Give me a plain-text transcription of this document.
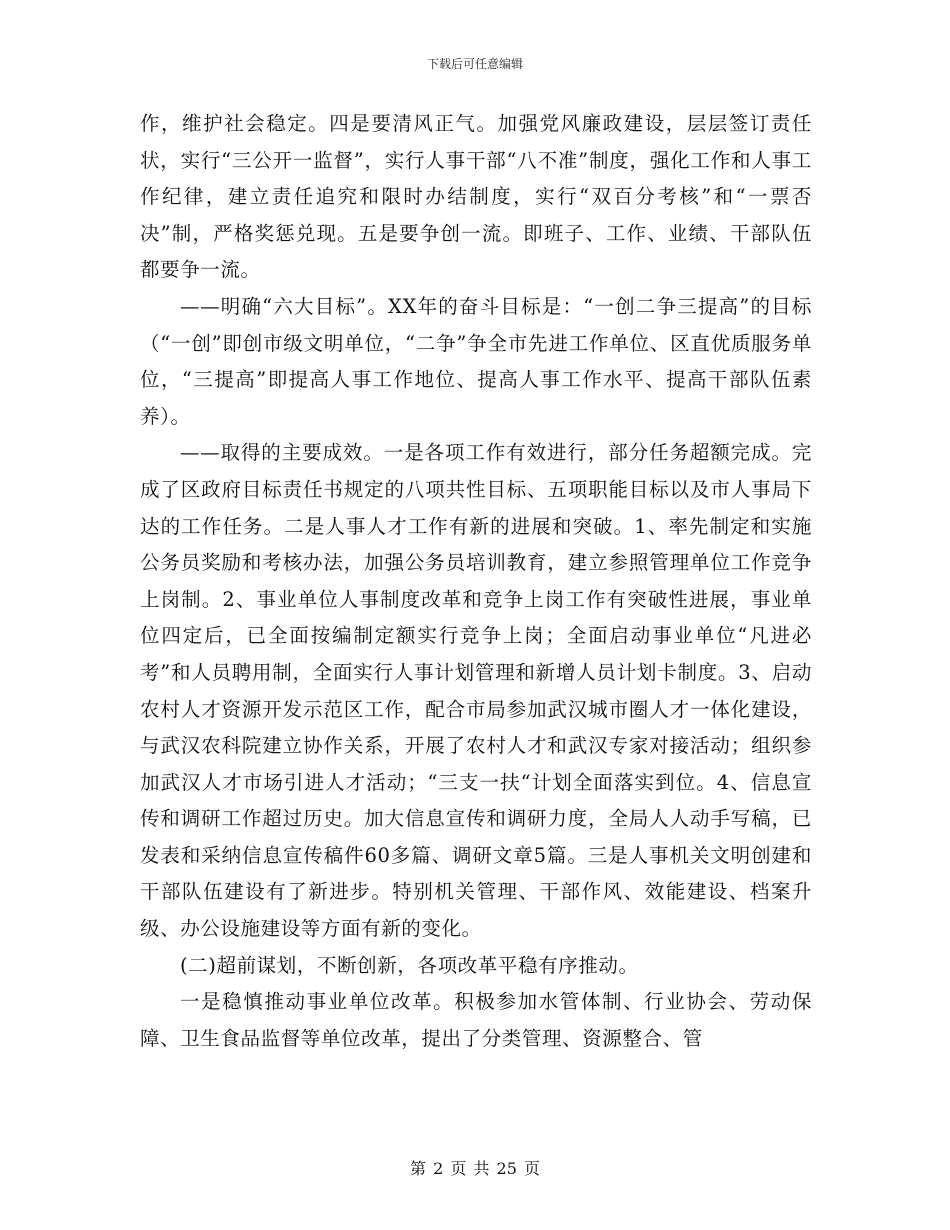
下载后可任意编辑

作，维护社会稳定。四是要清风正气。加强党风廉政建设，层层签订责任状，实行“三公开一监督”，实行人事干部“八不准”制度，强化工作和人事工作纪律，建立责任追究和限时办结制度，实行“双百分考核”和“一票否决”制，严格奖惩兑现。五是要争创一流。即班子、工作、业绩、干部队伍都要争一流。

——明确“六大目标”。XX年的奋斗目标是：“一创二争三提高”的目标（“一创”即创市级文明单位，“二争”争全市先进工作单位、区直优质服务单位，“三提高”即提高人事工作地位、提高人事工作水平、提高干部队伍素养）。

——取得的主要成效。一是各项工作有效进行，部分任务超额完成。完成了区政府目标责任书规定的八项共性目标、五项职能目标以及市人事局下达的工作任务。二是人事人才工作有新的进展和突破。1、率先制定和实施公务员奖励和考核办法，加强公务员培训教育，建立参照管理单位工作竞争上岗制。2、事业单位人事制度改革和竞争上岗工作有突破性进展，事业单位四定后，已全面按编制定额实行竞争上岗；全面启动事业单位“凡进必考”和人员聘用制，全面实行人事计划管理和新增人员计划卡制度。3、启动农村人才资源开发示范区工作，配合市局参加武汉城市圈人才一体化建设，与武汉农科院建立协作关系，开展了农村人才和武汉专家对接活动；组织参加武汉人才市场引进人才活动；“三支一扶“计划全面落实到位。4、信息宣传和调研工作超过历史。加大信息宣传和调研力度，全局人人动手写稿，已发表和采纳信息宣传稿件60多篇、调研文章5篇。三是人事机关文明创建和干部队伍建设有了新进步。特别机关管理、干部作风、效能建设、档案升级、办公设施建设等方面有新的变化。

(二)超前谋划，不断创新，各项改革平稳有序推动。

一是稳慎推动事业单位改革。积极参加水管体制、行业协会、劳动保障、卫生食品监督等单位改革，提出了分类管理、资源整合、管

第 2 页 共 25 页
